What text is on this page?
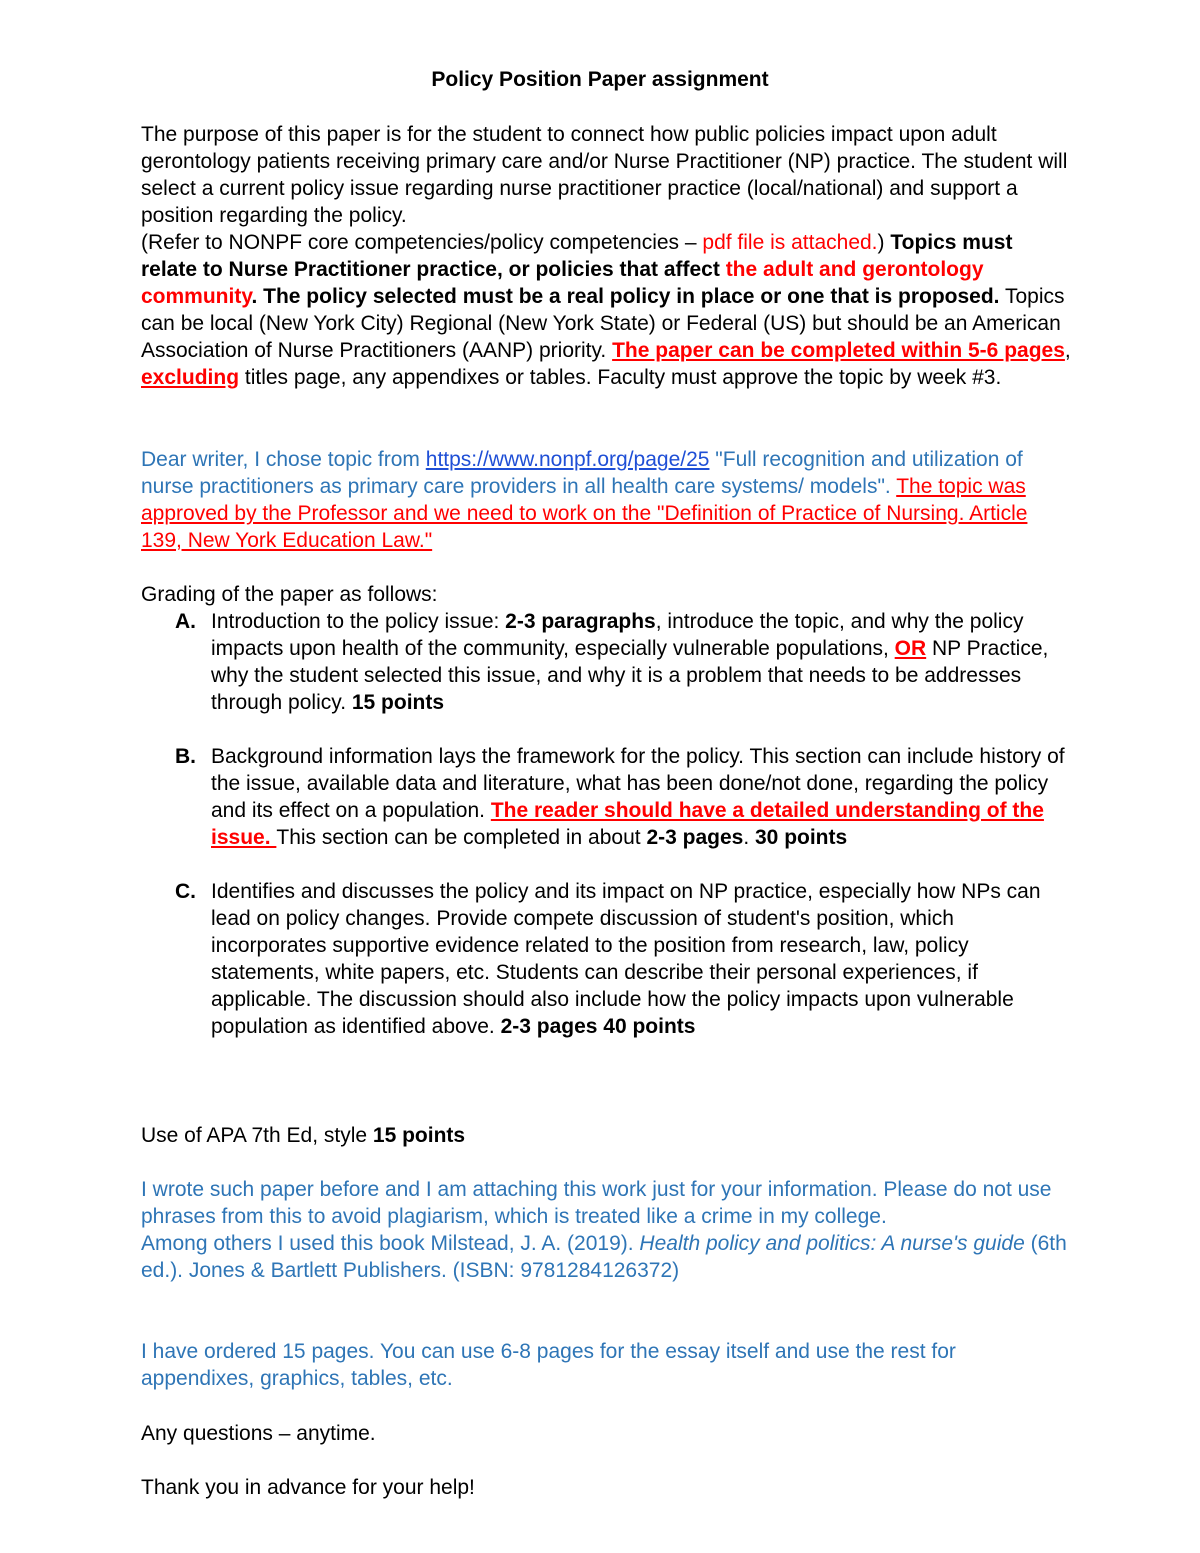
Policy Position Paper assignment
The purpose of this paper is for the student to connect how public policies impact upon adult gerontology patients receiving primary care and/or Nurse Practitioner (NP) practice. The student will select a current policy issue regarding nurse practitioner practice (local/national) and support a position regarding the policy.
(Refer to NONPF core competencies/policy competencies – pdf file is attached.) Topics must relate to Nurse Practitioner practice, or policies that affect the adult and gerontology community. The policy selected must be a real policy in place or one that is proposed. Topics can be local (New York City) Regional (New York State) or Federal (US) but should be an American Association of Nurse Practitioners (AANP) priority. The paper can be completed within 5-6 pages, excluding titles page, any appendixes or tables. Faculty must approve the topic by week #3.
Dear writer, I chose topic from https://www.nonpf.org/page/25 "Full recognition and utilization of nurse practitioners as primary care providers in all health care systems/ models". The topic was approved by the Professor and we need to work on the "Definition of Practice of Nursing. Article 139, New York Education Law."
Grading of the paper as follows:
A. Introduction to the policy issue: 2-3 paragraphs, introduce the topic, and why the policy impacts upon health of the community, especially vulnerable populations, OR NP Practice, why the student selected this issue, and why it is a problem that needs to be addresses through policy. 15 points
B. Background information lays the framework for the policy. This section can include history of the issue, available data and literature, what has been done/not done, regarding the policy and its effect on a population. The reader should have a detailed understanding of the issue. This section can be completed in about 2-3 pages. 30 points
C. Identifies and discusses the policy and its impact on NP practice, especially how NPs can lead on policy changes. Provide compete discussion of student's position, which incorporates supportive evidence related to the position from research, law, policy statements, white papers, etc. Students can describe their personal experiences, if applicable. The discussion should also include how the policy impacts upon vulnerable population as identified above. 2-3 pages 40 points
Use of APA 7th Ed, style 15 points
I wrote such paper before and I am attaching this work just for your information. Please do not use phrases from this to avoid plagiarism, which is treated like a crime in my college.
Among others I used this book Milstead, J. A. (2019). Health policy and politics: A nurse's guide (6th ed.). Jones & Bartlett Publishers. (ISBN: 9781284126372)
I have ordered 15 pages. You can use 6-8 pages for the essay itself and use the rest for appendixes, graphics, tables, etc.
Any questions – anytime.
Thank you in advance for your help!
